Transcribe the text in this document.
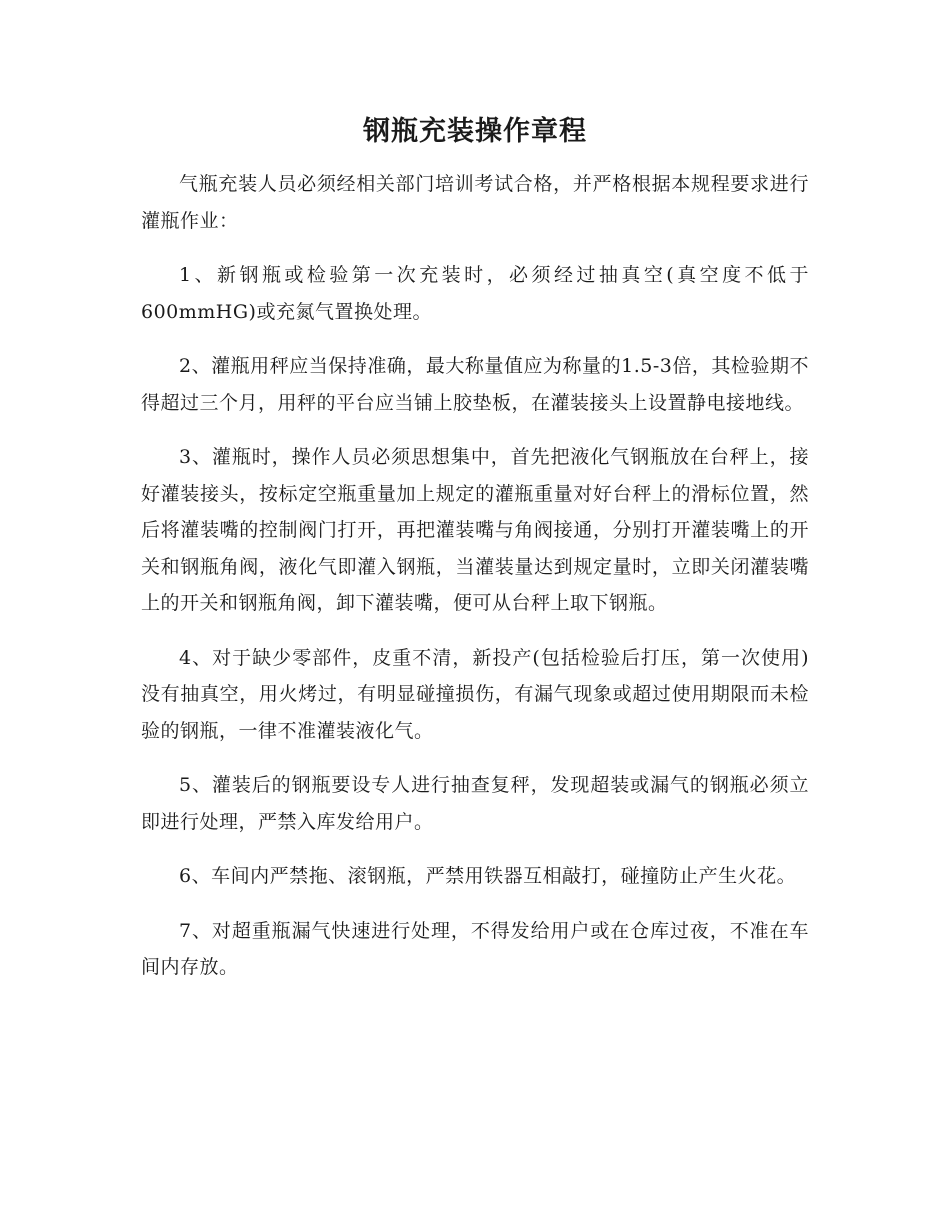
钢瓶充装操作章程

气瓶充装人员必须经相关部门培训考试合格，并严格根据本规程要求进行灌瓶作业：

1、新钢瓶或检验第一次充装时，必须经过抽真空(真空度不低于600mmHG)或充氮气置换处理。

2、灌瓶用秤应当保持准确，最大称量值应为称量的1.5-3倍，其检验期不得超过三个月，用秤的平台应当铺上胶垫板，在灌装接头上设置静电接地线。

3、灌瓶时，操作人员必须思想集中，首先把液化气钢瓶放在台秤上，接好灌装接头，按标定空瓶重量加上规定的灌瓶重量对好台秤上的滑标位置，然后将灌装嘴的控制阀门打开，再把灌装嘴与角阀接通，分别打开灌装嘴上的开关和钢瓶角阀，液化气即灌入钢瓶，当灌装量达到规定量时，立即关闭灌装嘴上的开关和钢瓶角阀，卸下灌装嘴，便可从台秤上取下钢瓶。

4、对于缺少零部件，皮重不清，新投产(包括检验后打压，第一次使用)没有抽真空，用火烤过，有明显碰撞损伤，有漏气现象或超过使用期限而未检验的钢瓶，一律不准灌装液化气。

5、灌装后的钢瓶要设专人进行抽查复秤，发现超装或漏气的钢瓶必须立即进行处理，严禁入库发给用户。

6、车间内严禁拖、滚钢瓶，严禁用铁器互相敲打，碰撞防止产生火花。

7、对超重瓶漏气快速进行处理，不得发给用户或在仓库过夜，不准在车间内存放。
